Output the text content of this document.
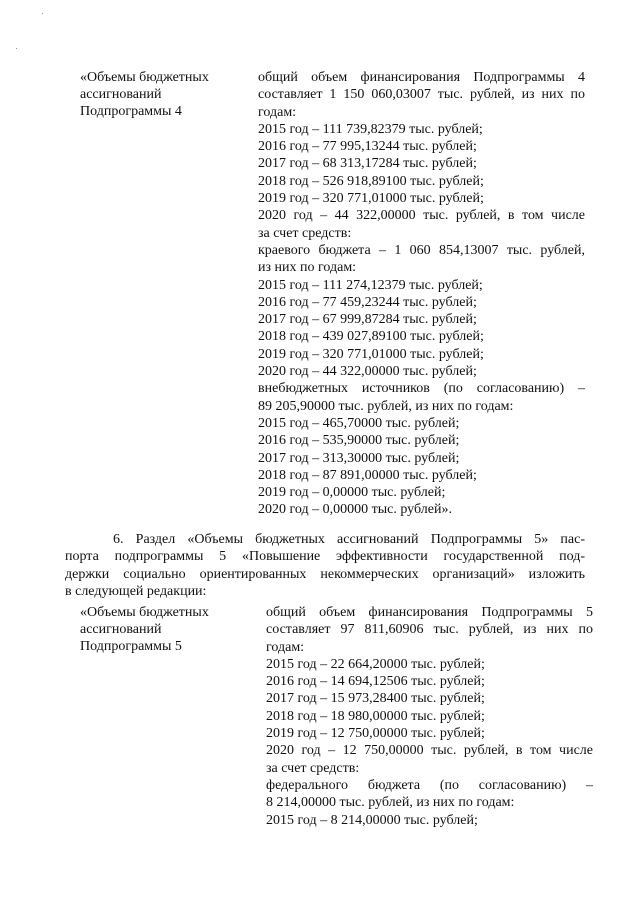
«Объемы бюджетных
ассигнований
Подпрограммы 4
общий объем финансирования Подпрограммы 4
составляет 1 150 060,03007 тыс. рублей, из них по
годам:
2015 год – 111 739,82379 тыс. рублей;
2016 год – 77 995,13244 тыс. рублей;
2017 год – 68 313,17284 тыс. рублей;
2018 год – 526 918,89100 тыс. рублей;
2019 год – 320 771,01000 тыс. рублей;
2020 год – 44 322,00000 тыс. рублей, в том числе
за счет средств:
краевого бюджета – 1 060 854,13007 тыс. рублей,
из них по годам:
2015 год – 111 274,12379 тыс. рублей;
2016 год – 77 459,23244 тыс. рублей;
2017 год – 67 999,87284 тыс. рублей;
2018 год – 439 027,89100 тыс. рублей;
2019 год – 320 771,01000 тыс. рублей;
2020 год – 44 322,00000 тыс. рублей;
внебюджетных источников (по согласованию) –
89 205,90000 тыс. рублей, из них по годам:
2015 год – 465,70000 тыс. рублей;
2016 год – 535,90000 тыс. рублей;
2017 год – 313,30000 тыс. рублей;
2018 год – 87 891,00000 тыс. рублей;
2019 год – 0,00000 тыс. рублей;
2020 год – 0,00000 тыс. рублей».
6. Раздел «Объемы бюджетных ассигнований Подпрограммы 5» пас-
порта подпрограммы 5 «Повышение эффективности государственной под-
держки социально ориентированных некоммерческих организаций» изложить
в следующей редакции:
«Объемы бюджетных
ассигнований
Подпрограммы 5
общий объем финансирования Подпрограммы 5
составляет 97 811,60906 тыс. рублей, из них по
годам:
2015 год – 22 664,20000 тыс. рублей;
2016 год – 14 694,12506 тыс. рублей;
2017 год – 15 973,28400 тыс. рублей;
2018 год – 18 980,00000 тыс. рублей;
2019 год – 12 750,00000 тыс. рублей;
2020 год – 12 750,00000 тыс. рублей, в том числе
за счет средств:
федерального бюджета (по согласованию) –
8 214,00000 тыс. рублей, из них по годам:
2015 год – 8 214,00000 тыс. рублей;
